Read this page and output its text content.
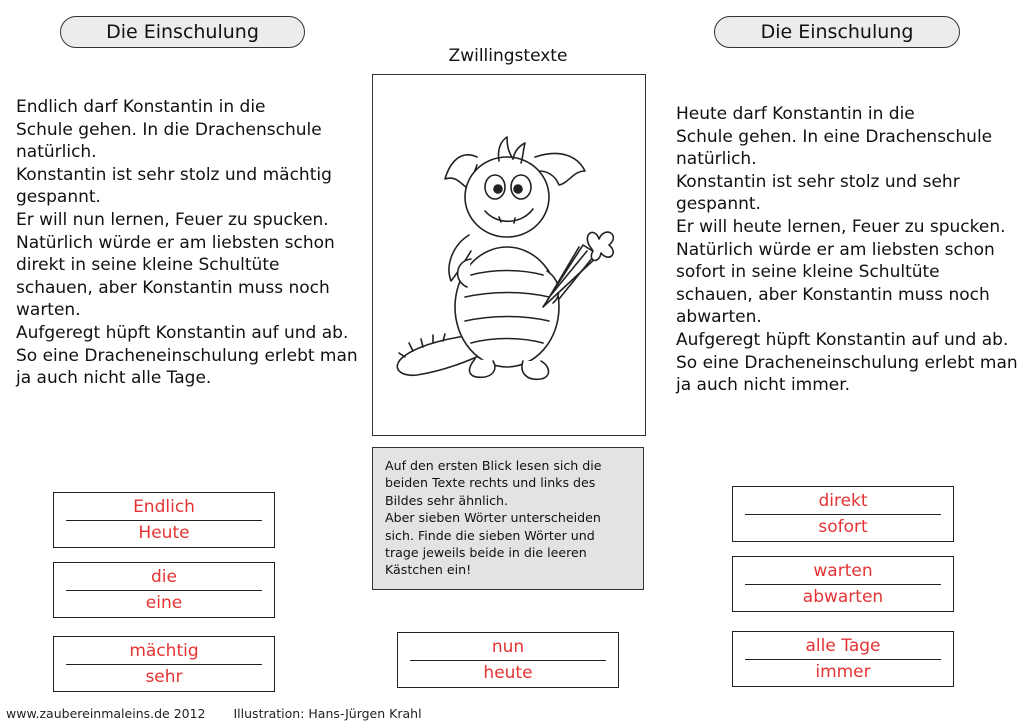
Die Einschulung	Die Einschulung
Zwillingstexte
Endlich darf Konstantin in die
Schule gehen. In die Drachenschule
natürlich.
Konstantin ist sehr stolz und mächtig
gespannt.
Er will nun lernen, Feuer zu spucken.
Natürlich würde er am liebsten schon
direkt in seine kleine Schultüte
schauen, aber Konstantin muss noch
warten.
Aufgeregt hüpft Konstantin auf und ab.
So eine Dracheneinschulung erlebt man
ja auch nicht alle Tage.
Heute darf Konstantin in die
Schule gehen. In eine Drachenschule
natürlich.
Konstantin ist sehr stolz und sehr
gespannt.
Er will heute lernen, Feuer zu spucken.
Natürlich würde er am liebsten schon
sofort in seine kleine Schultüte
schauen, aber Konstantin muss noch
abwarten.
Aufgeregt hüpft Konstantin auf und ab.
So eine Dracheneinschulung erlebt man
ja auch nicht immer.
Auf den ersten Blick lesen sich die
beiden Texte rechts und links des
Bildes sehr ähnlich.
Aber sieben Wörter unterscheiden
sich. Finde die sieben Wörter und
trage jeweils beide in die leeren
Kästchen ein!
Endlich
Heute
die
eine
mächtig
sehr
nun
heute
direkt
sofort
warten
abwarten
alle Tage
immer
www.zaubereinmaleins.de 2012 Illustration: Hans-Jürgen Krahl
